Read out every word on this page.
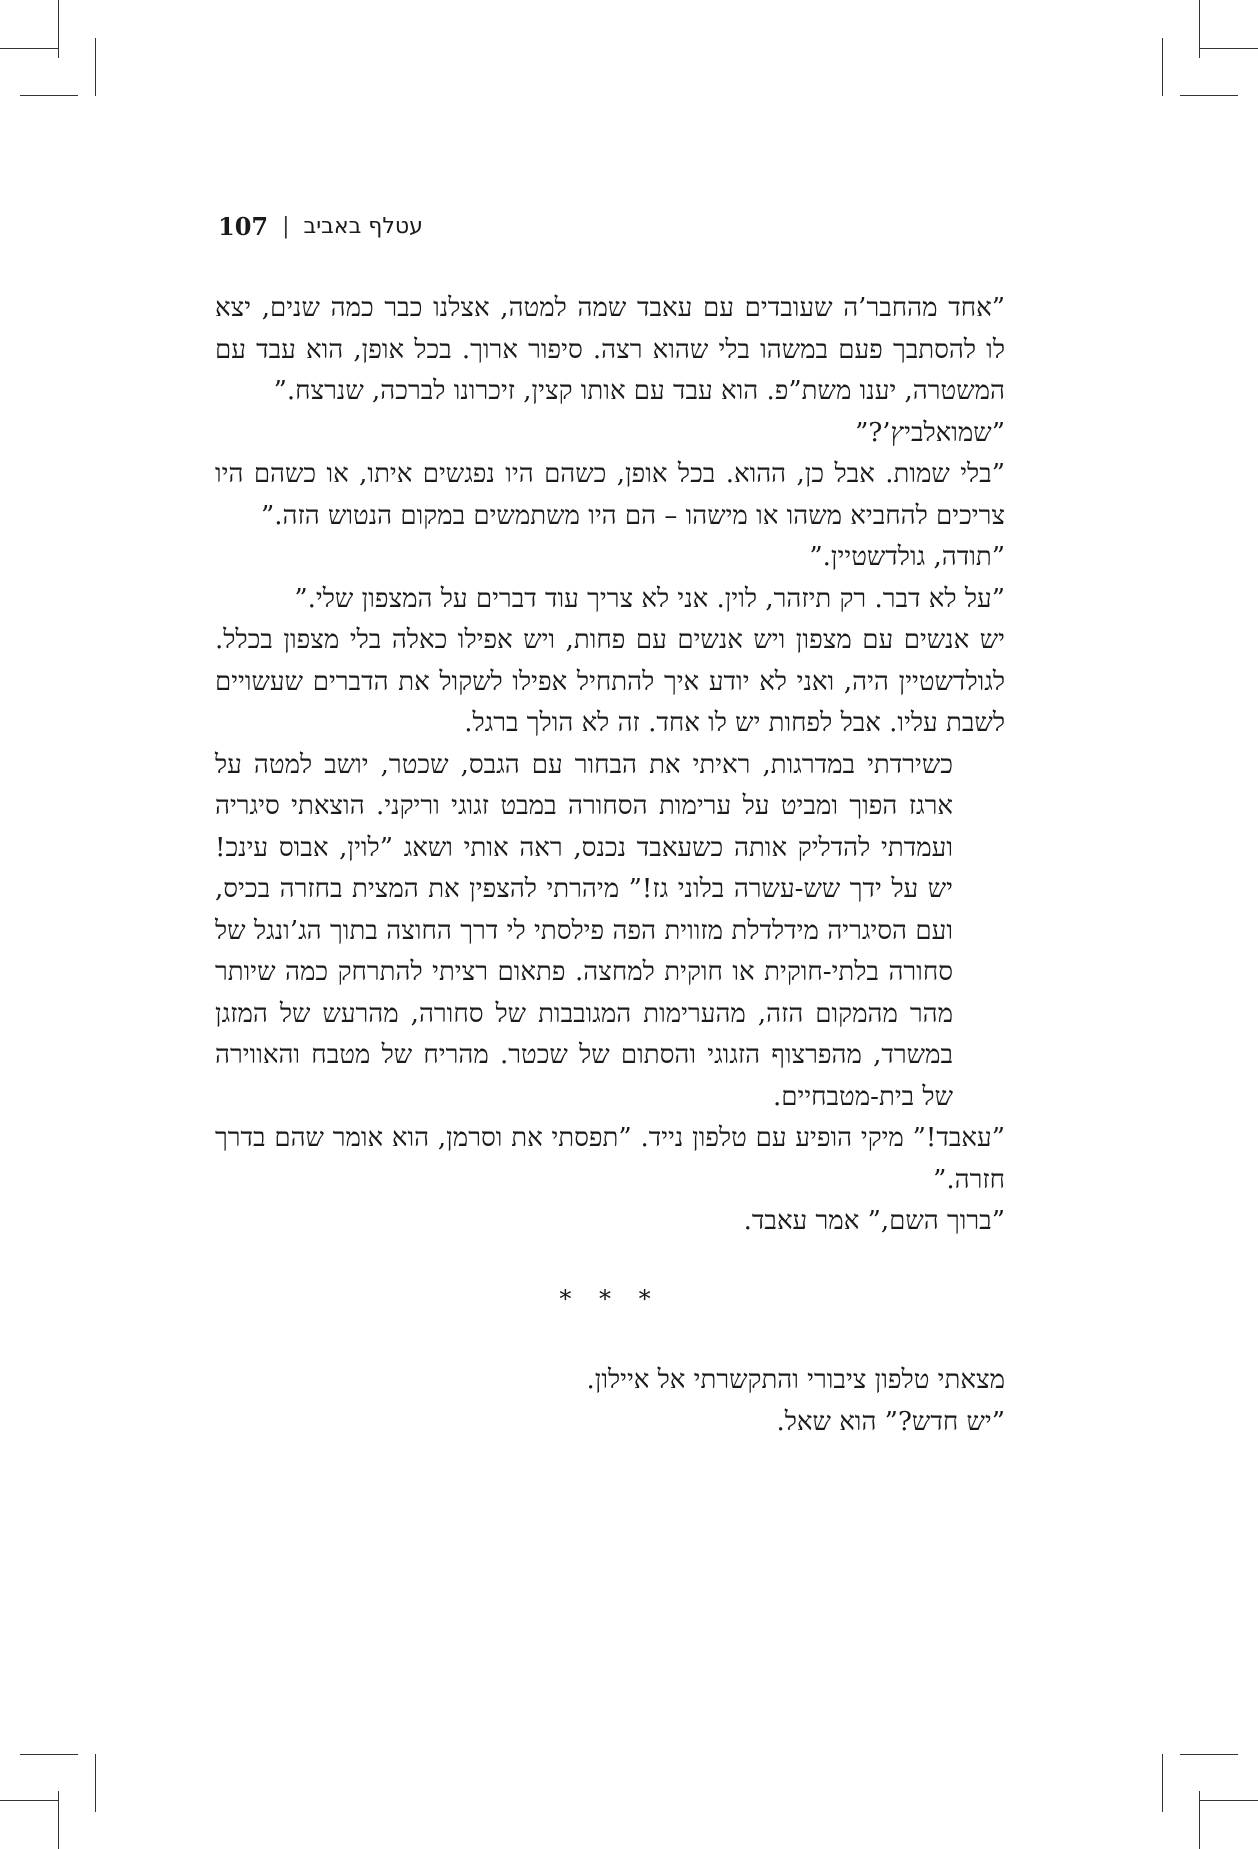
107 | עטלף באביב

”אחד מהחבר’ה שעובדים עם עאבד שמה למטה, אצלנו כבר כמה שנים, יצא לו להסתבך פעם במשהו בלי שהוא רצה. סיפור ארוך. בכל אופן, הוא עבד עם המשטרה, יענו משת”פ. הוא עבד עם אותו קצין, זיכרונו לברכה, שנרצח.”

”שמואלביץ’?”

”בלי שמות. אבל כן, ההוא. בכל אופן, כשהם היו נפגשים איתו, או כשהם היו צריכים להחביא משהו או מישהו – הם היו משתמשים במקום הנטוש הזה.”

”תודה, גולדשטיין.”

”על לא דבר. רק תיזהר, לוין. אני לא צריך עוד דברים על המצפון שלי.”

יש אנשים עם מצפון ויש אנשים עם פחות, ויש אפילו כאלה בלי מצפון בכלל. לגולדשטיין היה, ואני לא יודע איך להתחיל אפילו לשקול את הדברים שעשויים לשבת עליו. אבל לפחות יש לו אחד. זה לא הולך ברגל.

כשירדתי במדרגות, ראיתי את הבחור עם הגבס, שכטר, יושב למטה על ארגז הפוך ומביט על ערימות הסחורה במבט זגוגי וריקני. הוצאתי סיגריה ועמדתי להדליק אותה כשעאבד נכנס, ראה אותי ושאג ”לוין, אבוס עינכ! יש על ידך שש-עשרה בלוני גז!” מיהרתי להצפין את המצית בחזרה בכיס, ועם הסיגריה מידלדלת מזווית הפה פילסתי לי דרך החוצה בתוך הג’ונגל של סחורה בלתי-חוקית או חוקית למחצה. פתאום רציתי להתרחק כמה שיותר מהר מהמקום הזה, מהערימות המגובבות של סחורה, מהרעש של המזגן במשרד, מהפרצוף הזגוגי והסתום של שכטר. מהריח של מטבח והאווירה של בית-מטבחיים.

”עאבד!” מיקי הופיע עם טלפון נייד. ”תפסתי את וסרמן, הוא אומר שהם בדרך חזרה.”

”ברוך השם,” אמר עאבד.

* * *

מצאתי טלפון ציבורי והתקשרתי אל איילון.

”יש חדש?” הוא שאל.
